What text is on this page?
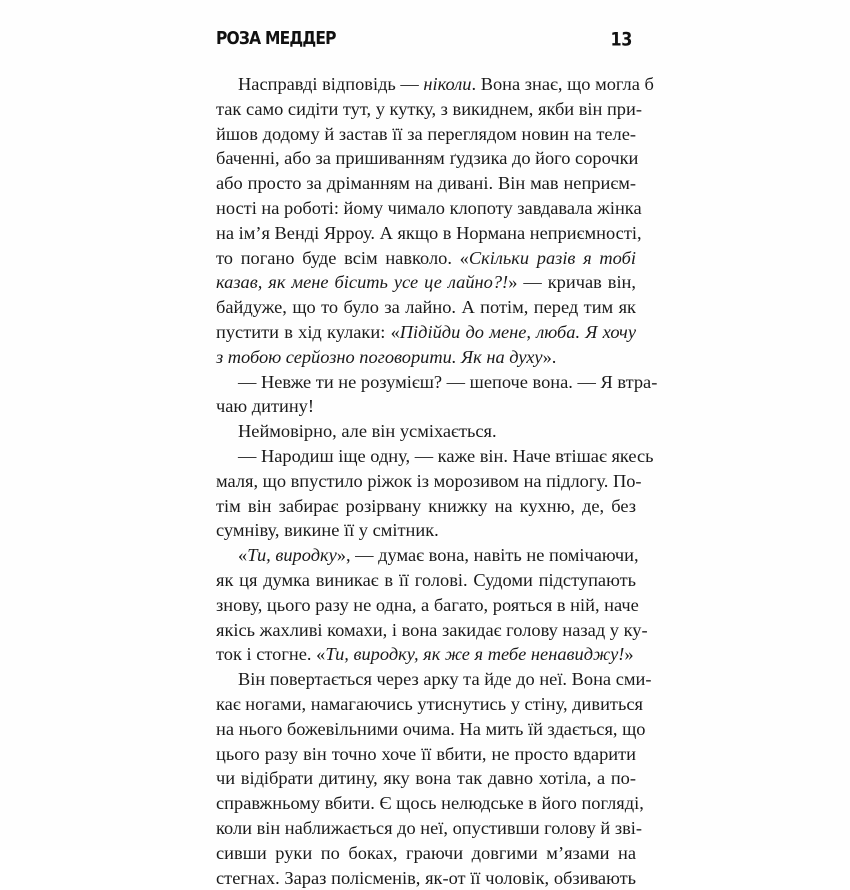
РОЗА МЕДДЕР	13
Насправді відповідь — ніколи. Вона знає, що могла б
так само сидіти тут, у кутку, з викиднем, якби він при-
йшов додому й застав її за переглядом новин на теле-
баченні, або за пришиванням ґудзика до його сорочки
або просто за дріманням на дивані. Він мав неприєм-
ності на роботі: йому чимало клопоту завдавала жінка
на ім’я Венді Ярроу. А якщо в Нормана неприємності,
то погано буде всім навколо. «Скільки разів я тобі
казав, як мене бісить усе це лайно?!» — кричав він,
байдуже, що то було за лайно. А потім, перед тим як
пустити в хід кулаки: «Підійди до мене, люба. Я хочу
з тобою серйозно поговорити. Як на духу».
— Невже ти не розумієш? — шепоче вона. — Я втра-
чаю дитину!
Неймовірно, але він усміхається.
— Народиш іще одну, — каже він. Наче втішає якесь
маля, що впустило ріжок із морозивом на підлогу. По-
тім він забирає розірвану книжку на кухню, де, без
сумніву, викине її у смітник.
«Ти, виродку», — думає вона, навіть не помічаючи,
як ця думка виникає в її голові. Судоми підступають
знову, цього разу не одна, а багато, рояться в ній, наче
якісь жахливі комахи, і вона закидає голову назад у ку-
ток і стогне. «Ти, виродку, як же я тебе ненавиджу!»
Він повертається через арку та йде до неї. Вона сми-
кає ногами, намагаючись утиснутись у стіну, дивиться
на нього божевільними очима. На мить їй здається, що
цього разу він точно хоче її вбити, не просто вдарити
чи відібрати дитину, яку вона так давно хотіла, а по-
справжньому вбити. Є щось нелюдське в його погляді,
коли він наближається до неї, опустивши голову й зві-
сивши руки по боках, граючи довгими м’язами на
стегнах. Зараз полісменів, як-от її чоловік, обзивають
